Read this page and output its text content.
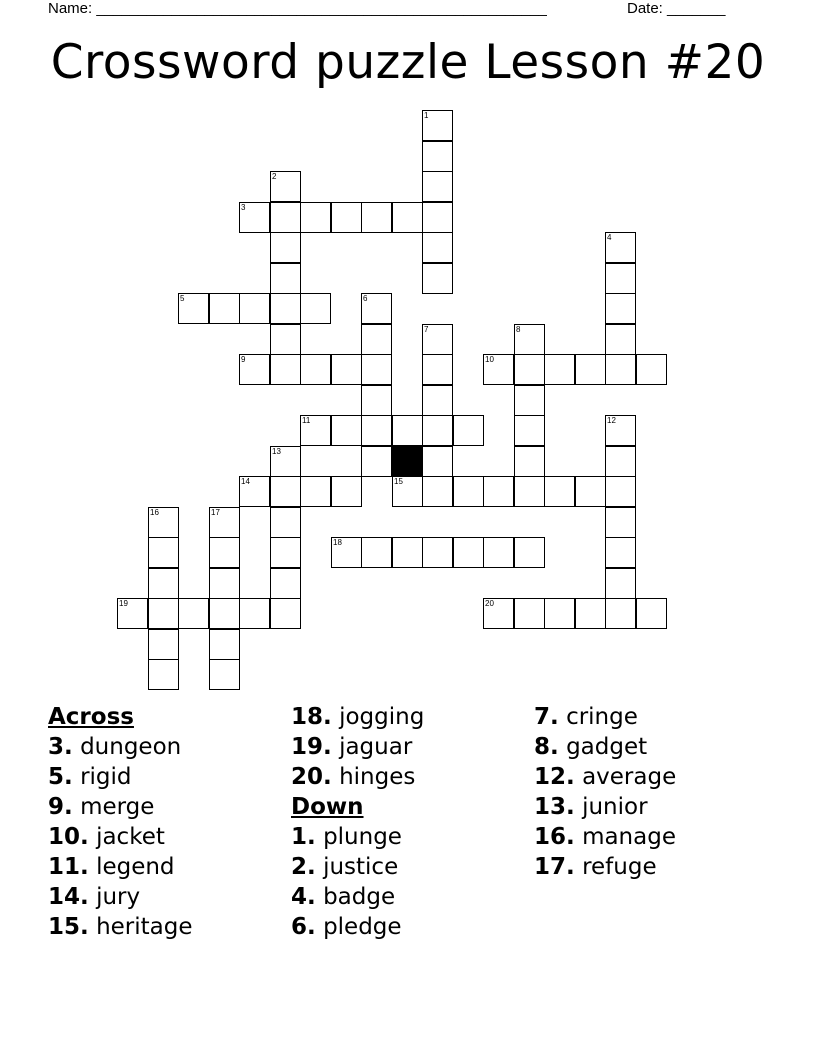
Name: ______________________________________________________	Date: _______
Crossword puzzle Lesson #20
1
2
3
4
5	6
7	8
9	10
11	12
13
14	15
16	17
18
19	20
Across
3. dungeon
5. rigid
9. merge
10. jacket
11. legend
14. jury
15. heritage
18. jogging
19. jaguar
20. hinges
Down
1. plunge
2. justice
4. badge
6. pledge
7. cringe
8. gadget
12. average
13. junior
16. manage
17. refuge
